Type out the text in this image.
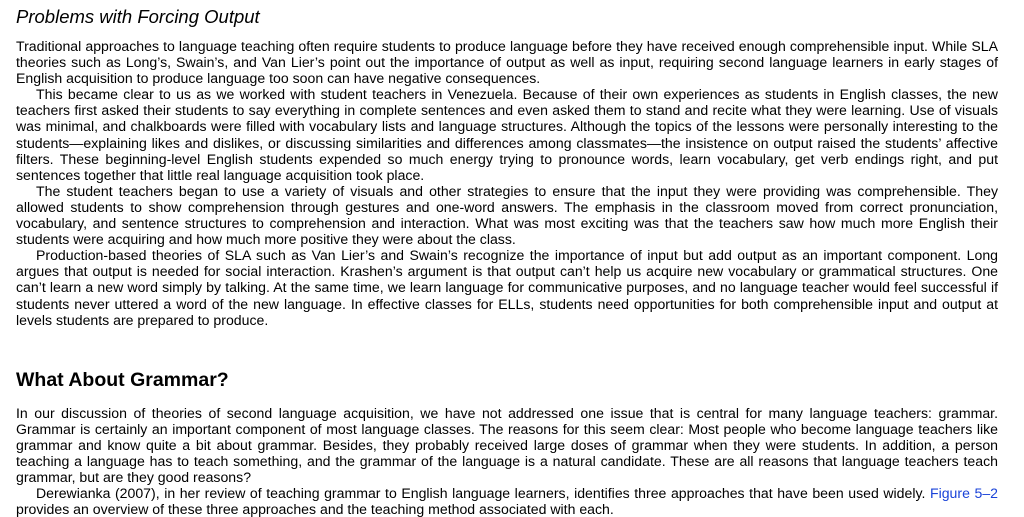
Problems with Forcing Output

Traditional approaches to language teaching often require students to produce language before they have received enough comprehensible input. While SLA theories such as Long’s, Swain’s, and Van Lier’s point out the importance of output as well as input, requiring second language learners in early stages of English acquisition to produce language too soon can have negative consequences.

This became clear to us as we worked with student teachers in Venezuela. Because of their own experiences as students in English classes, the new teachers first asked their students to say everything in complete sentences and even asked them to stand and recite what they were learning. Use of visuals was minimal, and chalkboards were filled with vocabulary lists and language structures. Although the topics of the lessons were personally interesting to the students—explaining likes and dislikes, or discussing similarities and differences among classmates—the insistence on output raised the students’ affective filters. These beginning-level English students expended so much energy trying to pronounce words, learn vocabulary, get verb endings right, and put sentences together that little real language acquisition took place.

The student teachers began to use a variety of visuals and other strategies to ensure that the input they were providing was comprehensible. They allowed students to show comprehension through gestures and one-word answers. The emphasis in the classroom moved from correct pronunciation, vocabulary, and sentence structures to comprehension and interaction. What was most exciting was that the teachers saw how much more English their students were acquiring and how much more positive they were about the class.

Production-based theories of SLA such as Van Lier’s and Swain’s recognize the importance of input but add output as an important component. Long argues that output is needed for social interaction. Krashen’s argument is that output can’t help us acquire new vocabulary or grammatical structures. One can’t learn a new word simply by talking. At the same time, we learn language for communicative purposes, and no language teacher would feel successful if students never uttered a word of the new language. In effective classes for ELLs, students need opportunities for both comprehensible input and output at levels students are prepared to produce.

What About Grammar?

In our discussion of theories of second language acquisition, we have not addressed one issue that is central for many language teachers: grammar. Grammar is certainly an important component of most language classes. The reasons for this seem clear: Most people who become language teachers like grammar and know quite a bit about grammar. Besides, they probably received large doses of grammar when they were students. In addition, a person teaching a language has to teach something, and the grammar of the language is a natural candidate. These are all reasons that language teachers teach grammar, but are they good reasons?

Derewianka (2007), in her review of teaching grammar to English language learners, identifies three approaches that have been used widely. Figure 5–2 provides an overview of these three approaches and the teaching method associated with each.
